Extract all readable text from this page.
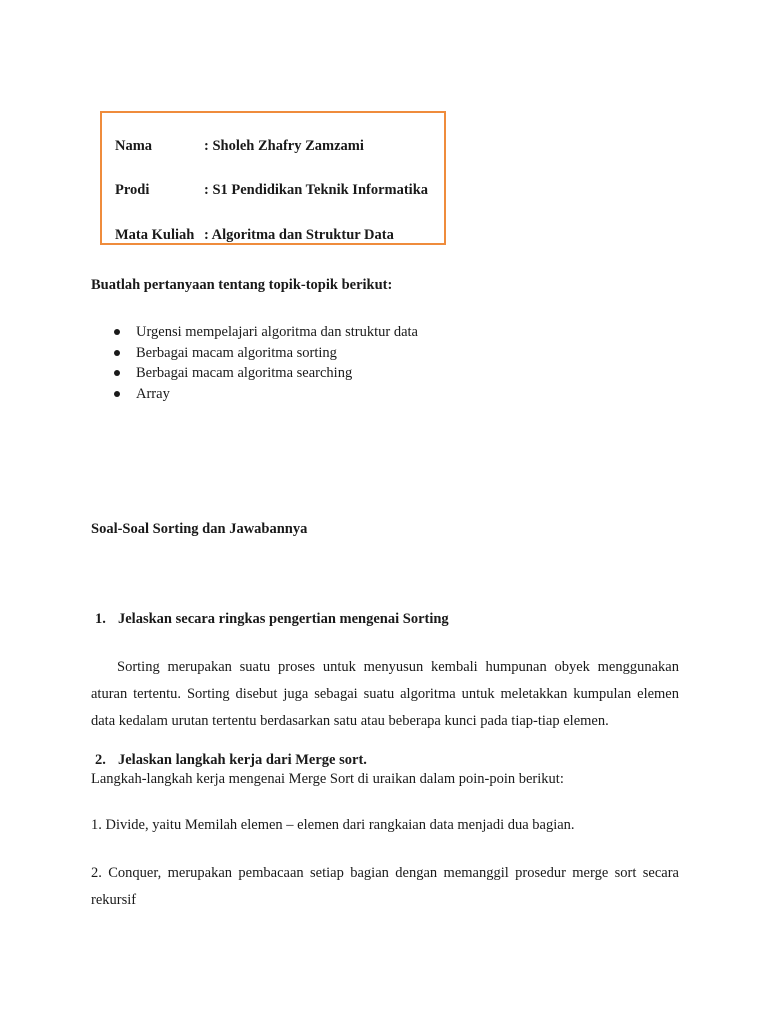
Nama	: Sholeh Zhafry Zamzami
Prodi	: S1 Pendidikan Teknik Informatika
Mata Kuliah : Algoritma dan Struktur Data
Buatlah pertanyaan tentang topik-topik berikut:
Urgensi mempelajari algoritma dan struktur data
Berbagai macam algoritma sorting
Berbagai macam algoritma searching
Array
Soal-Soal Sorting dan Jawabannya
1. Jelaskan secara ringkas pengertian mengenai Sorting
Sorting merupakan suatu proses untuk menyusun kembali humpunan obyek menggunakan aturan tertentu. Sorting disebut juga sebagai suatu algoritma untuk meletakkan kumpulan elemen data kedalam urutan tertentu berdasarkan satu atau beberapa kunci pada tiap-tiap elemen.
2. Jelaskan langkah kerja dari Merge sort.
Langkah-langkah kerja mengenai Merge Sort di uraikan dalam poin-poin berikut:
1. Divide, yaitu Memilah elemen – elemen dari rangkaian data menjadi dua bagian.
2. Conquer, merupakan pembacaan setiap bagian dengan memanggil prosedur merge sort secara rekursif
